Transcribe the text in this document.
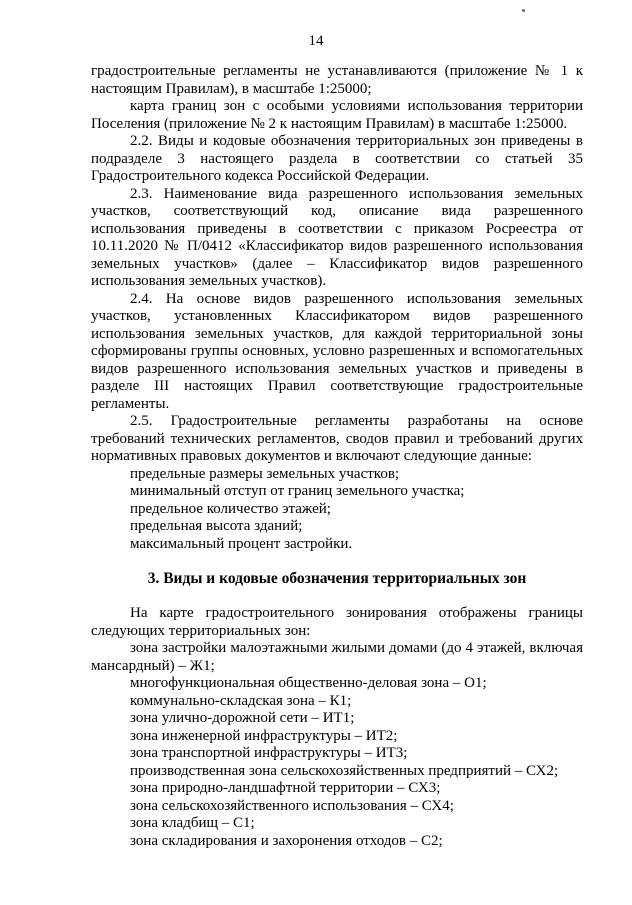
14

градостроительные регламенты не устанавливаются (приложение № 1 к настоящим Правилам), в масштабе 1:25000;

карта границ зон с особыми условиями использования территории Поселения (приложение № 2 к настоящим Правилам) в масштабе 1:25000.

2.2. Виды и кодовые обозначения территориальных зон приведены в подразделе 3 настоящего раздела в соответствии со статьей 35 Градостроительного кодекса Российской Федерации.

2.3. Наименование вида разрешенного использования земельных участков, соответствующий код, описание вида разрешенного использования приведены в соответствии с приказом Росреестра от 10.11.2020 № П/0412 «Классификатор видов разрешенного использования земельных участков» (далее – Классификатор видов разрешенного использования земельных участков).

2.4. На основе видов разрешенного использования земельных участков, установленных Классификатором видов разрешенного использования земельных участков, для каждой территориальной зоны сформированы группы основных, условно разрешенных и вспомогательных видов разрешенного использования земельных участков и приведены в разделе III настоящих Правил соответствующие градостроительные регламенты.

2.5. Градостроительные регламенты разработаны на основе требований технических регламентов, сводов правил и требований других нормативных правовых документов и включают следующие данные:

предельные размеры земельных участков;

минимальный отступ от границ земельного участка;

предельное количество этажей;

предельная высота зданий;

максимальный процент застройки.

3. Виды и кодовые обозначения территориальных зон

На карте градостроительного зонирования отображены границы следующих территориальных зон:

зона застройки малоэтажными жилыми домами (до 4 этажей, включая мансардный) – Ж1;

многофункциональная общественно-деловая зона – О1;

коммунально-складская зона – К1;

зона улично-дорожной сети – ИТ1;

зона инженерной инфраструктуры – ИТ2;

зона транспортной инфраструктуры – ИТ3;

производственная зона сельскохозяйственных предприятий – СХ2;

зона природно-ландшафтной территории – СХ3;

зона сельскохозяйственного использования – СХ4;

зона кладбищ – С1;

зона складирования и захоронения отходов – С2;
